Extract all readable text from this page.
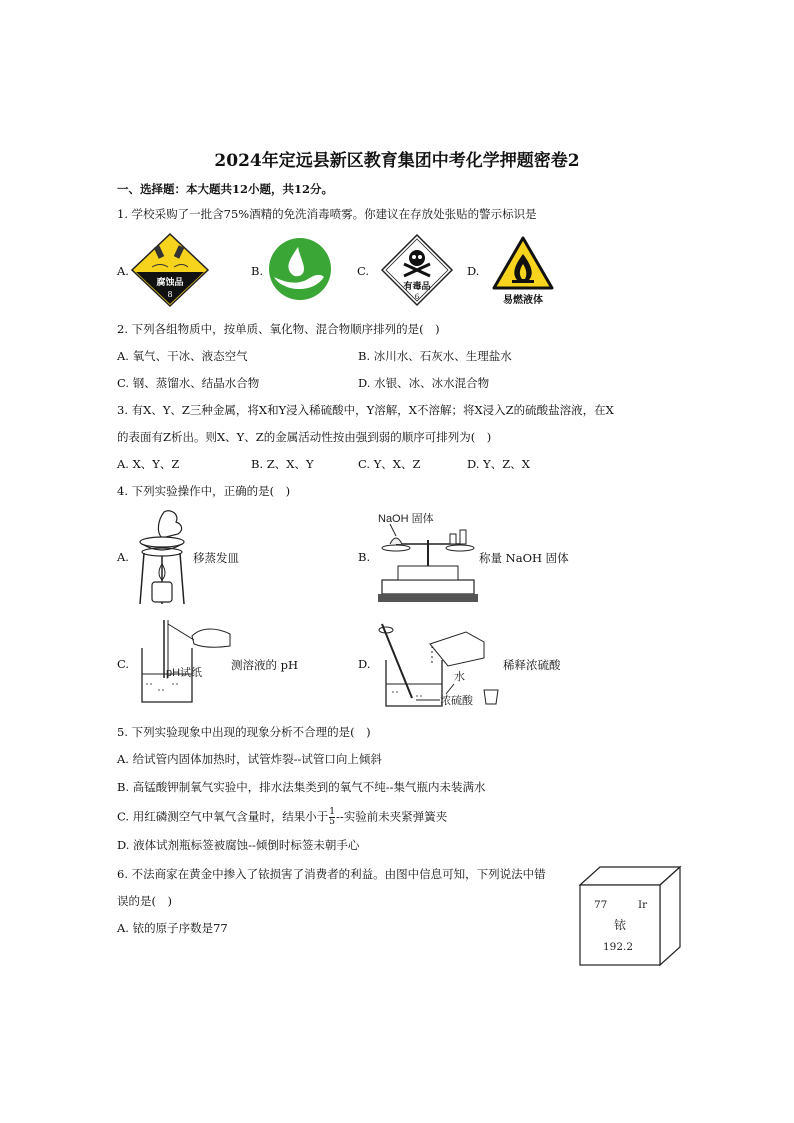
2024年定远县新区教育集团中考化学押题密卷2
一、选择题：本大题共12小题，共12分。
1. 学校采购了一批含75%酒精的免洗消毒喷雾。你建议在存放处张贴的警示标识是
A.	B.	C.	D.
腐蚀品
8
有毒品
6	易燃液体
2. 下列各组物质中，按单质、氧化物、混合物顺序排列的是(　)
A. 氧气、干冰、液态空气	B. 冰川水、石灰水、生理盐水
C. 钢、蒸馏水、结晶水合物	D. 水银、冰、冰水混合物
3. 有X、Y、Z三种金属，将X和Y浸入稀硫酸中，Y溶解，X不溶解；将X浸入Z的硫酸盐溶液，在X
的表面有Z析出。则X、Y、Z的金属活动性按由强到弱的顺序可排列为(　)
A. X、Y、Z	B. Z、X、Y	C. Y、X、Z	D. Y、Z、X
4. 下列实验操作中，正确的是(　)
A.	移蒸发皿	B.
NaOH 固体
称量 NaOH 固体
C.
pH试纸
测溶液的 pH	D.
水
浓硫酸
稀释浓硫酸
5. 下列实验现象中出现的现象分析不合理的是(　)
A. 给试管内固体加热时，试管炸裂--试管口向上倾斜
B. 高锰酸钾制氧气实验中，排水法集类到的氧气不纯--集气瓶内未装满水
C. 用红磷测空气中氧气含量时，结果小于 $\frac{1}{5}$ --实验前未夹紧弹簧夹
D. 液体试剂瓶标签被腐蚀--倾倒时标签未朝手心
6. 不法商家在黄金中掺入了铱损害了消费者的利益。由图中信息可知，下列说法中错
误的是(　)
A. 铱的原子序数是77
77	Ir
铱
192.2
